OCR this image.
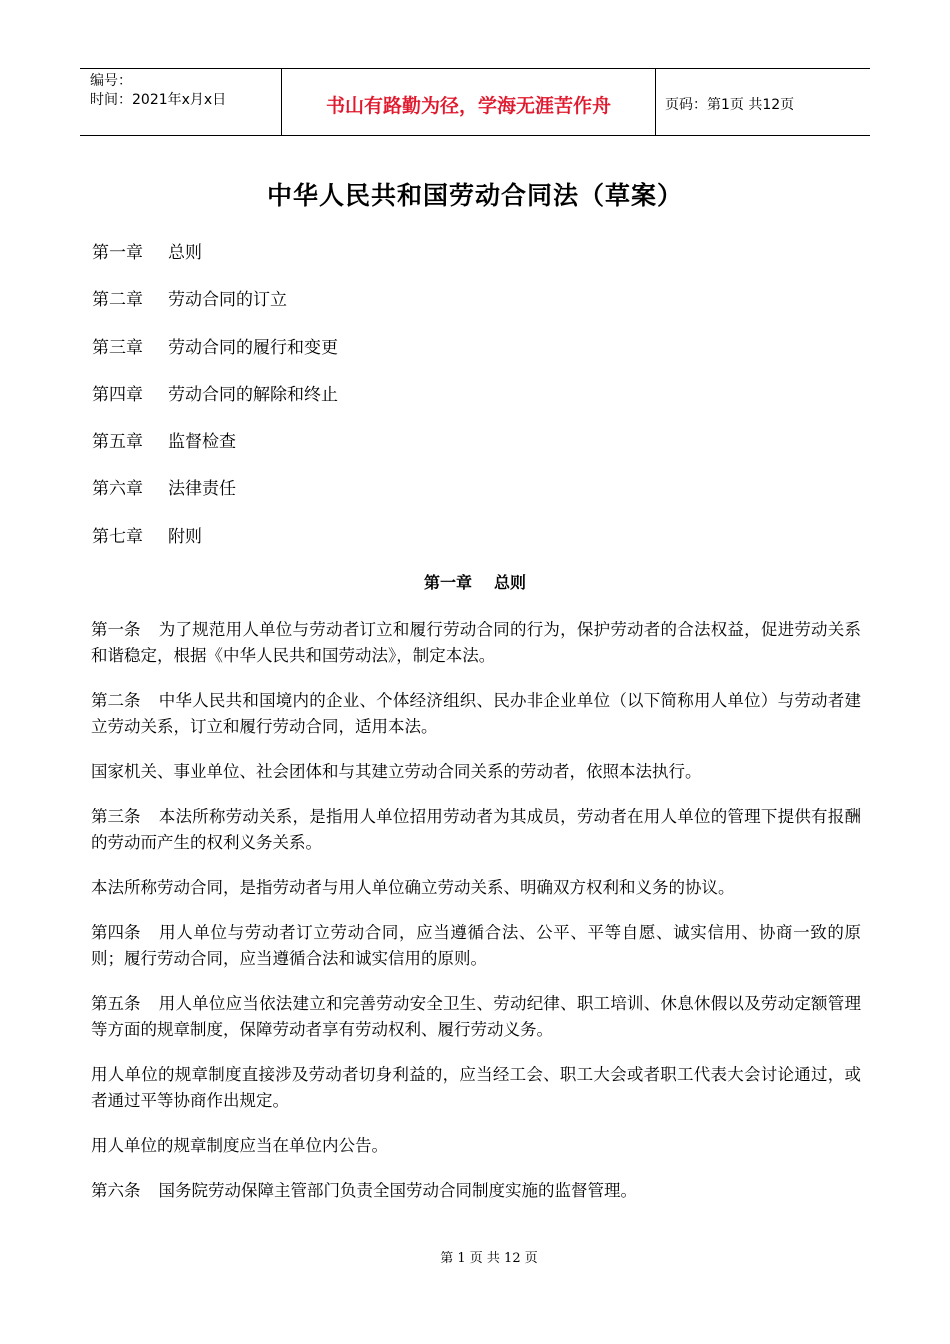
编号：
时间：2021年x月x日	书山有路勤为径，学海无涯苦作舟	页码：第1页 共12页
中华人民共和国劳动合同法（草案）
第一章 总则
第二章 劳动合同的订立
第三章 劳动合同的履行和变更
第四章 劳动合同的解除和终止
第五章 监督检查
第六章 法律责任
第七章 附则
第一章 总则
第一条 为了规范用人单位与劳动者订立和履行劳动合同的行为，保护劳动者的合法权益，促进劳动关系和谐稳定，根据《中华人民共和国劳动法》，制定本法。
第二条 中华人民共和国境内的企业、个体经济组织、民办非企业单位（以下简称用人单位）与劳动者建立劳动关系，订立和履行劳动合同，适用本法。
国家机关、事业单位、社会团体和与其建立劳动合同关系的劳动者，依照本法执行。
第三条 本法所称劳动关系，是指用人单位招用劳动者为其成员，劳动者在用人单位的管理下提供有报酬的劳动而产生的权利义务关系。
本法所称劳动合同，是指劳动者与用人单位确立劳动关系、明确双方权利和义务的协议。
第四条 用人单位与劳动者订立劳动合同，应当遵循合法、公平、平等自愿、诚实信用、协商一致的原则；履行劳动合同，应当遵循合法和诚实信用的原则。
第五条 用人单位应当依法建立和完善劳动安全卫生、劳动纪律、职工培训、休息休假以及劳动定额管理等方面的规章制度，保障劳动者享有劳动权利、履行劳动义务。
用人单位的规章制度直接涉及劳动者切身利益的，应当经工会、职工大会或者职工代表大会讨论通过，或者通过平等协商作出规定。
用人单位的规章制度应当在单位内公告。
第六条 国务院劳动保障主管部门负责全国劳动合同制度实施的监督管理。
第 1 页 共 12 页
